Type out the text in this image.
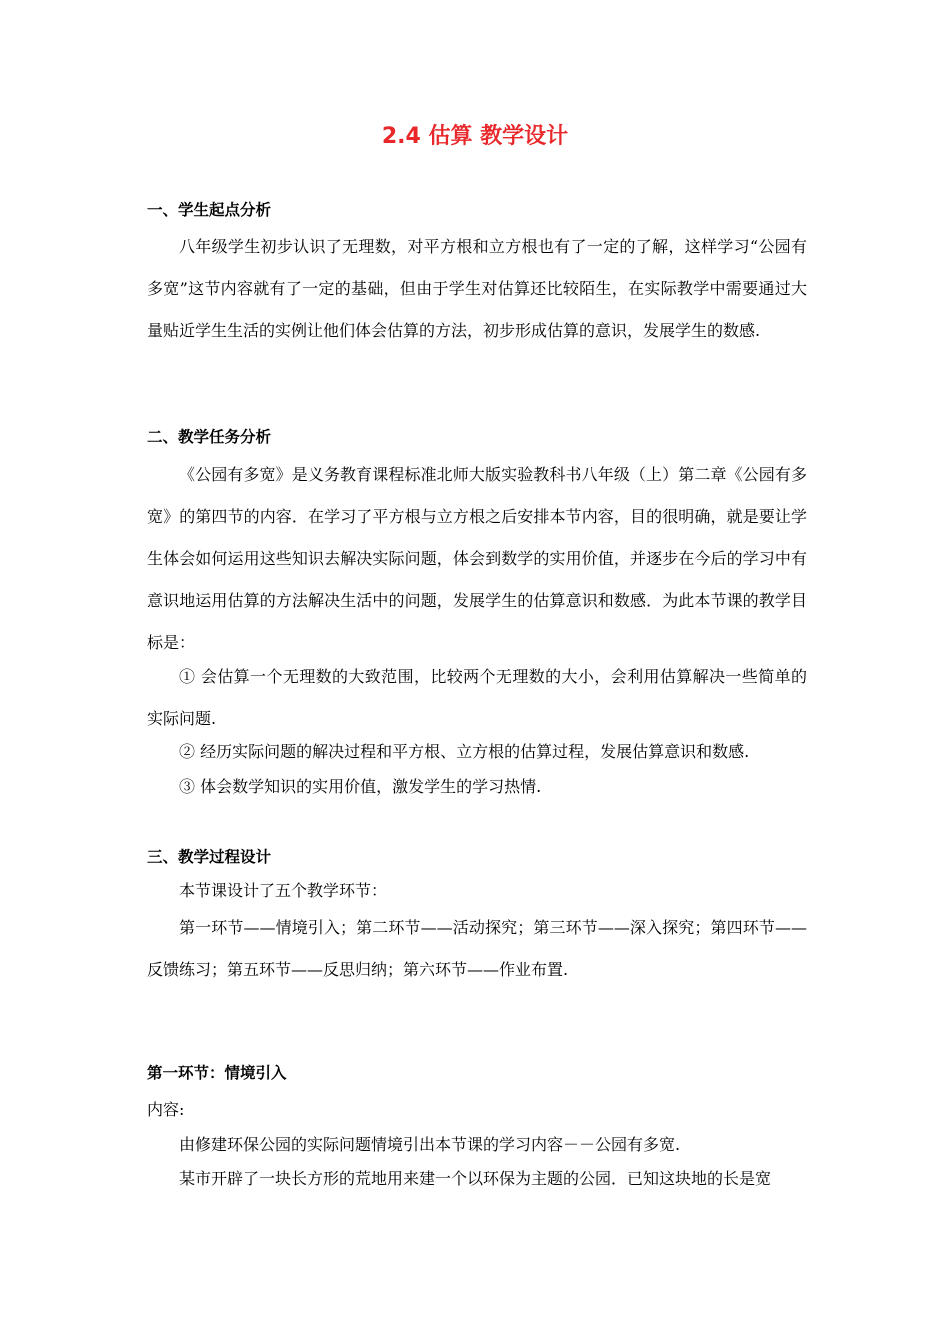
2.4 估算 教学设计
一、学生起点分析
八年级学生初步认识了无理数，对平方根和立方根也有了一定的了解，这样学习“公园有多宽”这节内容就有了一定的基础，但由于学生对估算还比较陌生，在实际教学中需要通过大量贴近学生生活的实例让他们体会估算的方法，初步形成估算的意识，发展学生的数感.
二、教学任务分析
《公园有多宽》是义务教育课程标准北师大版实验教科书八年级（上）第二章《公园有多宽》的第四节的内容．在学习了平方根与立方根之后安排本节内容，目的很明确，就是要让学生体会如何运用这些知识去解决实际问题，体会到数学的实用价值，并逐步在今后的学习中有意识地运用估算的方法解决生活中的问题，发展学生的估算意识和数感．为此本节课的教学目标是：
① 会估算一个无理数的大致范围，比较两个无理数的大小，会利用估算解决一些简单的实际问题.
② 经历实际问题的解决过程和平方根、立方根的估算过程，发展估算意识和数感.
③ 体会数学知识的实用价值，激发学生的学习热情.
三、教学过程设计
本节课设计了五个教学环节：
第一环节——情境引入；第二环节——活动探究；第三环节——深入探究；第四环节——反馈练习；第五环节——反思归纳；第六环节——作业布置.
第一环节：情境引入
内容:
由修建环保公园的实际问题情境引出本节课的学习内容－－公园有多宽.
某市开辟了一块长方形的荒地用来建一个以环保为主题的公园．已知这块地的长是宽
